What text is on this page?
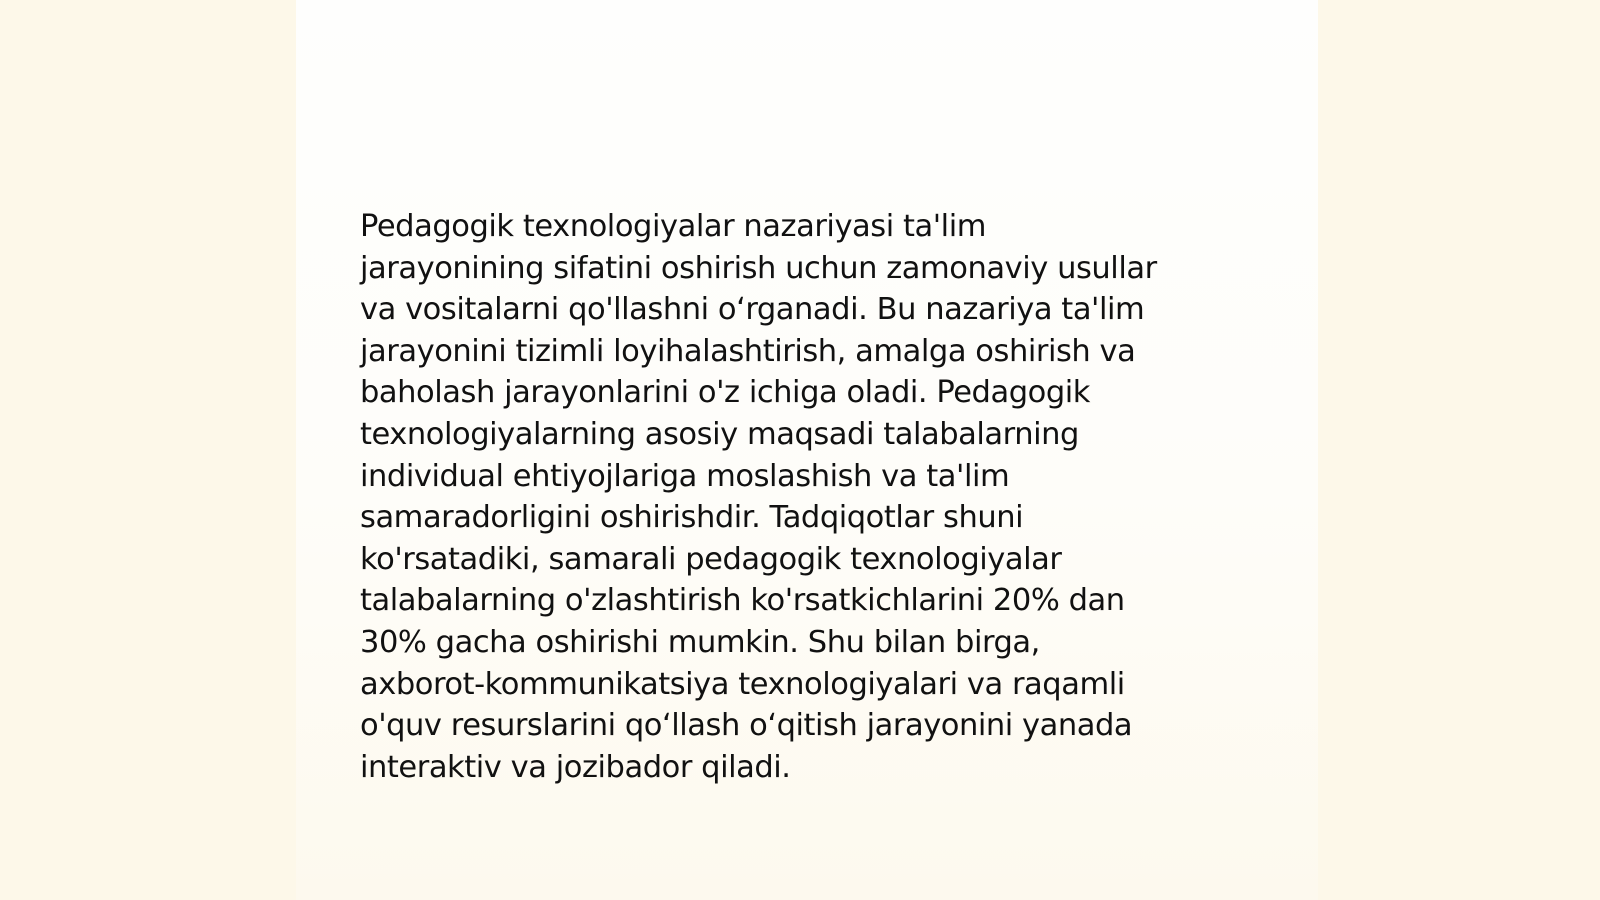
Pedagogik texnologiyalar nazariyasi ta'lim
jarayonining sifatini oshirish uchun zamonaviy usullar
va vositalarni qo'llashni o‘rganadi. Bu nazariya ta'lim
jarayonini tizimli loyihalashtirish, amalga oshirish va
baholash jarayonlarini o'z ichiga oladi. Pedagogik
texnologiyalarning asosiy maqsadi talabalarning
individual ehtiyojlariga moslashish va ta'lim
samaradorligini oshirishdir. Tadqiqotlar shuni
ko'rsatadiki, samarali pedagogik texnologiyalar
talabalarning o'zlashtirish ko'rsatkichlarini 20% dan
30% gacha oshirishi mumkin. Shu bilan birga,
axborot-kommunikatsiya texnologiyalari va raqamli
o'quv resurslarini qo‘llash o‘qitish jarayonini yanada
interaktiv va jozibador qiladi.
